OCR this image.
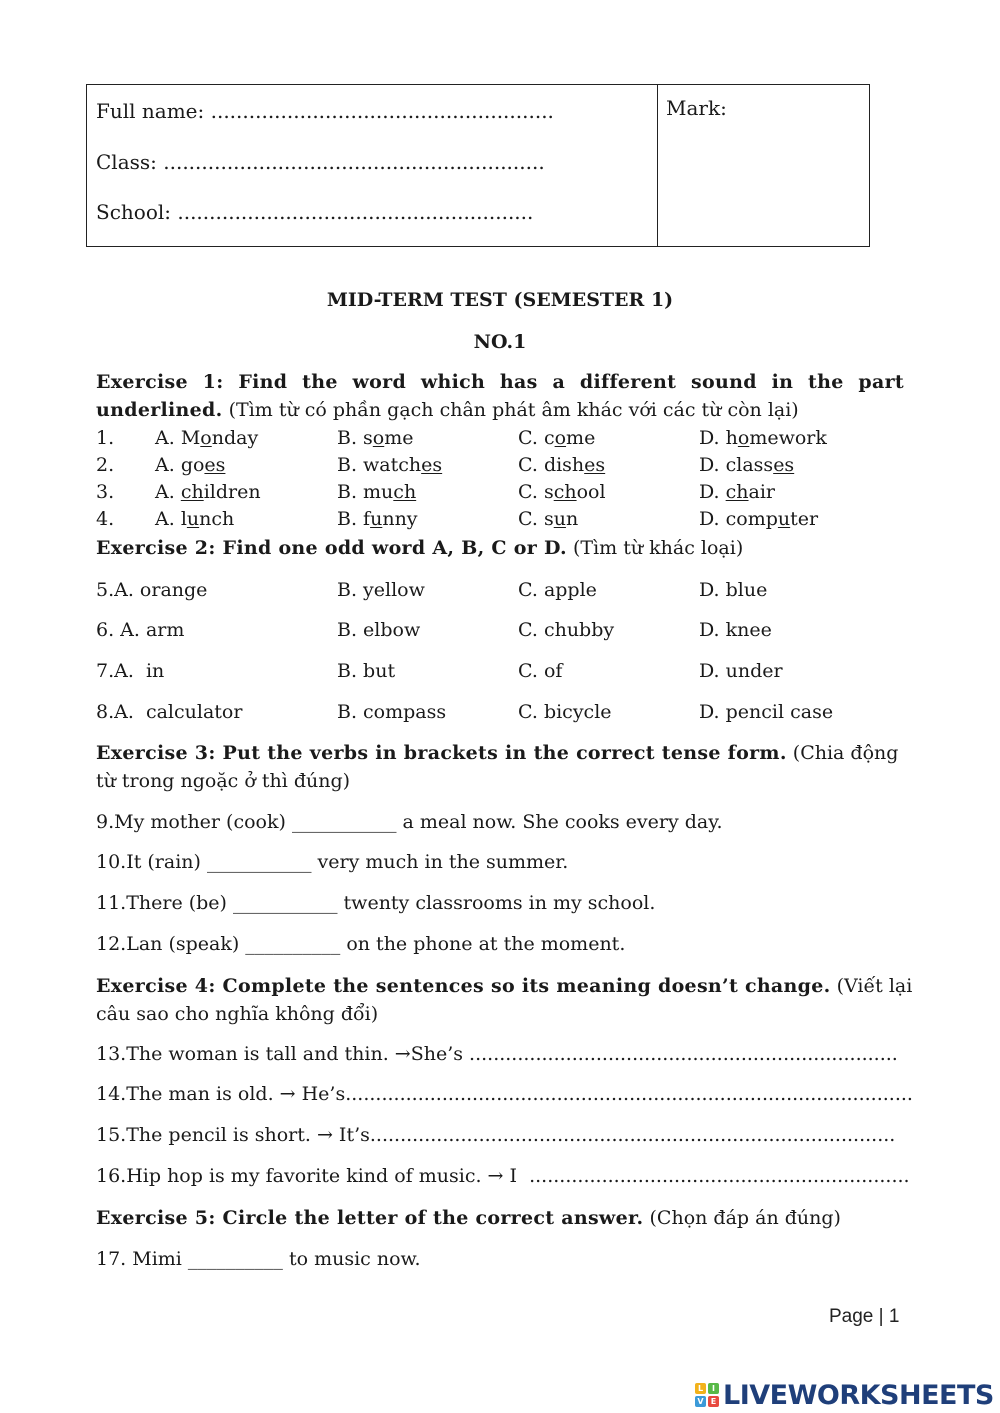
Full name: ......................................................
Class: ............................................................
School: ........................................................
Mark:
MID-TERM TEST (SEMESTER 1)
NO.1
Exercise 1: Find the word which has a different sound in the part
underlined. (Tìm từ có phần gạch chân phát âm khác với các từ còn lại)
1. A. Monday	B. some	C. come	D. homework
2. A. goes	B. watches	C. dishes	D. classes
3. A. children	B. much	C. school	D. chair
4. A. lunch	B. funny	C. sun	D. computer
Exercise 2: Find one odd word A, B, C or D. (Tìm từ khác loại)
5.A. orange	B. yellow	C. apple	D. blue
6. A. arm	B. elbow	C. chubby	D. knee
7.A.  in	B. but	C. of	D. under
8.A.  calculator	B. compass	C. bicycle	D. pencil case
Exercise 3: Put the verbs in brackets in the correct tense form. (Chia động
từ trong ngoặc ở thì đúng)
9.My mother (cook) ___________ a meal now. She cooks every day.
10.It (rain) ___________ very much in the summer.
11.There (be) ___________ twenty classrooms in my school.
12.Lan (speak) __________ on the phone at the moment.
Exercise 4: Complete the sentences so its meaning doesn’t change. (Viết lại
câu sao cho nghĩa không đổi)
13.The woman is tall and thin. →She’s .......................................................................
14.The man is old. → He’s..............................................................................................
15.The pencil is short. → It’s.......................................................................................
16.Hip hop is my favorite kind of music. → I  ...............................................................
Exercise 5: Circle the letter of the correct answer. (Chọn đáp án đúng)
17. Mimi __________ to music now.
Page | 1
L	I
V E LIVEWORKSHEETS
